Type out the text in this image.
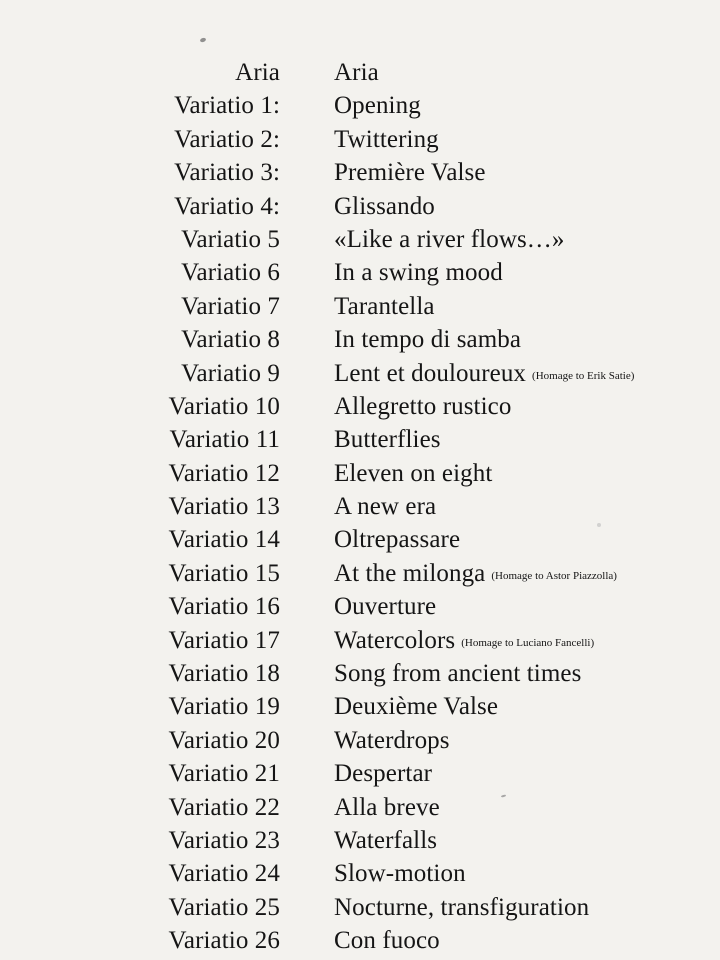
Aria Aria
Variatio 1: Opening
Variatio 2: Twittering
Variatio 3: Première Valse
Variatio 4: Glissando
Variatio 5 «Like a river flows…»
Variatio 6 In a swing mood
Variatio 7 Tarantella
Variatio 8 In tempo di samba
Variatio 9 Lent et douloureux (Homage to Erik Satie)
Variatio 10 Allegretto rustico
Variatio 11 Butterflies
Variatio 12 Eleven on eight
Variatio 13 A new era
Variatio 14 Oltrepassare
Variatio 15 At the milonga (Homage to Astor Piazzolla)
Variatio 16 Ouverture
Variatio 17 Watercolors (Homage to Luciano Fancelli)
Variatio 18 Song from ancient times
Variatio 19 Deuxième Valse
Variatio 20 Waterdrops
Variatio 21 Despertar
Variatio 22 Alla breve
Variatio 23 Waterfalls
Variatio 24 Slow-motion
Variatio 25 Nocturne, transfiguration
Variatio 26 Con fuoco
